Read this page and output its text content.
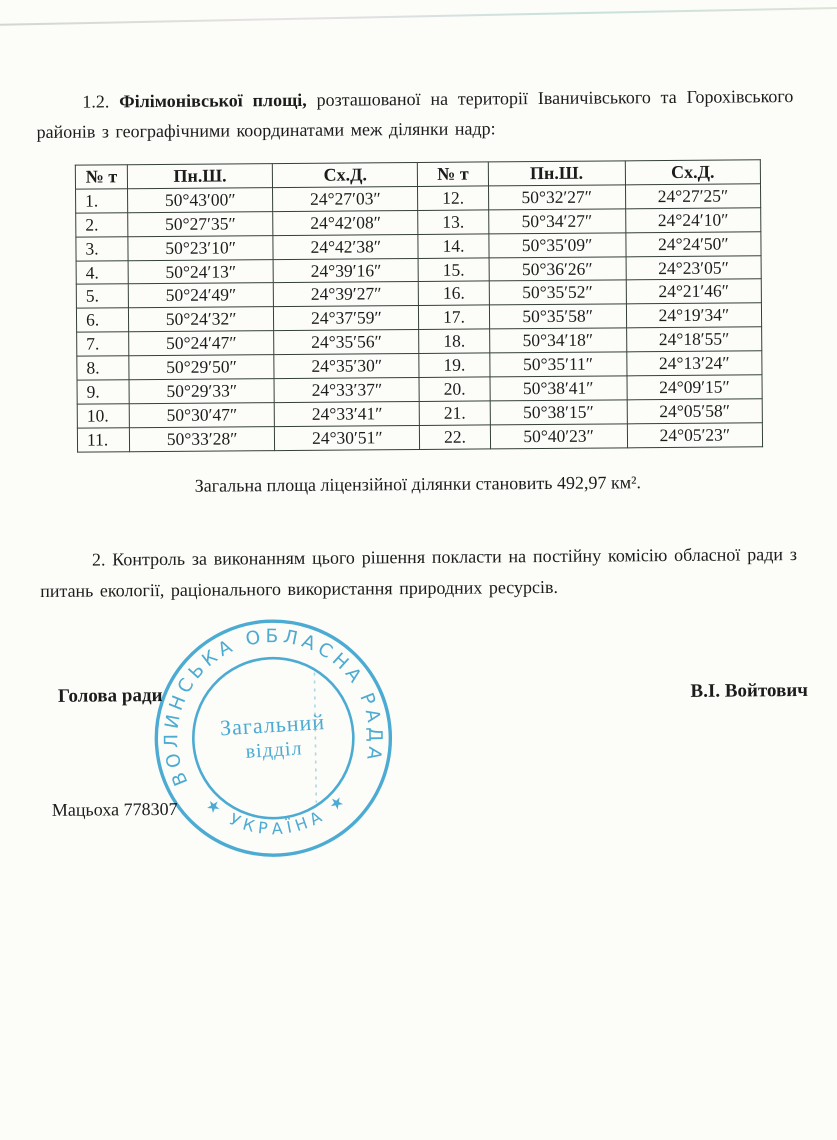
1.2. Філімонівської площі, розташованої на території Іваничівського та Горохівського районів з географічними координатами меж ділянки надр:

№ т	Пн.Ш.	Сх.Д.	№ т	Пн.Ш.	Сх.Д.
1.	50°43′00″	24°27′03″	12.	50°32′27″	24°27′25″
2.	50°27′35″	24°42′08″	13.	50°34′27″	24°24′10″
3.	50°23′10″	24°42′38″	14.	50°35′09″	24°24′50″
4.	50°24′13″	24°39′16″	15.	50°36′26″	24°23′05″
5.	50°24′49″	24°39′27″	16.	50°35′52″	24°21′46″
6.	50°24′32″	24°37′59″	17.	50°35′58″	24°19′34″
7.	50°24′47″	24°35′56″	18.	50°34′18″	24°18′55″
8.	50°29′50″	24°35′30″	19.	50°35′11″	24°13′24″
9.	50°29′33″	24°33′37″	20.	50°38′41″	24°09′15″
10.	50°30′47″	24°33′41″	21.	50°38′15″	24°05′58″
11.	50°33′28″	24°30′51″	22.	50°40′23″	24°05′23″

Загальна площа ліцензійної ділянки становить 492,97 км².

2. Контроль за виконанням цього рішення покласти на постійну комісію обласної ради з питань екології, раціонального використання природних ресурсів.

Голова ради	В.І. Войтович
Мацьоха 778307
ВОЛИНСЬКА ОБЛАСНА РАДА
★ УКРАЇНА ★
Загальний
відділ
